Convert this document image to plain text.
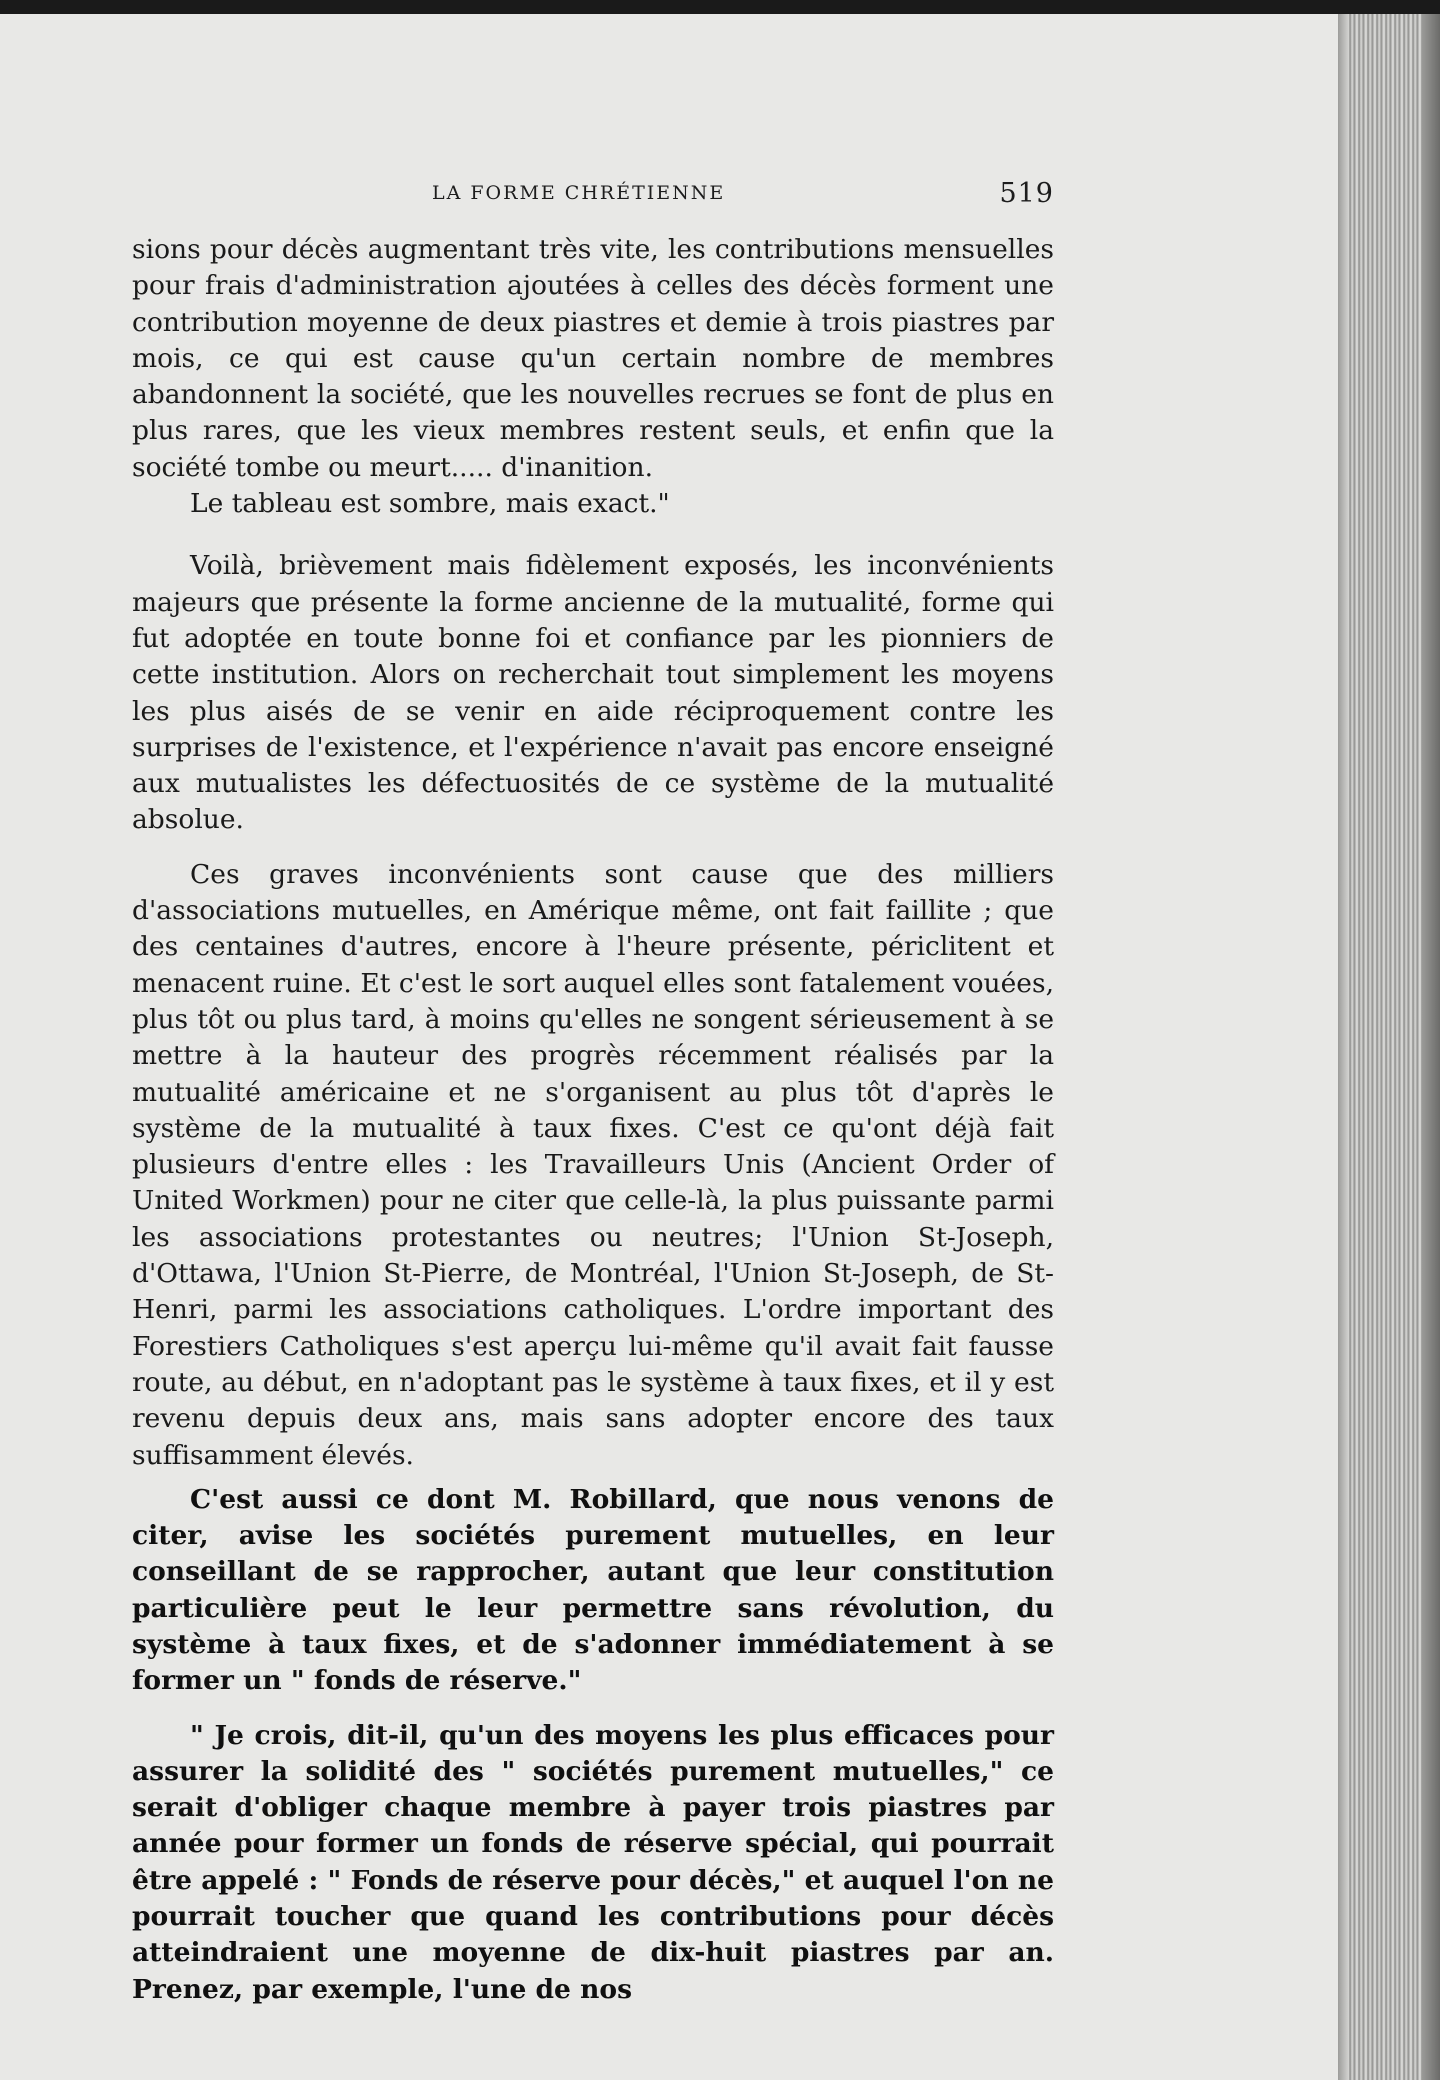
LA FORME CHRÉTIENNE	519

sions pour décès augmentant très vite, les contributions mensuelles pour frais d'administration ajoutées à celles des décès forment une contribution moyenne de deux piastres et demie à trois piastres par mois, ce qui est cause qu'un certain nombre de membres abandonnent la société, que les nouvelles recrues se font de plus en plus rares, que les vieux membres restent seuls, et enfin que la société tombe ou meurt..... d'inanition.

Le tableau est sombre, mais exact."

Voilà, brièvement mais fidèlement exposés, les inconvénients majeurs que présente la forme ancienne de la mutualité, forme qui fut adoptée en toute bonne foi et confiance par les pionniers de cette institution. Alors on recherchait tout simplement les moyens les plus aisés de se venir en aide réciproquement contre les surprises de l'existence, et l'expérience n'avait pas encore enseigné aux mutualistes les défectuosités de ce système de la mutualité absolue.

Ces graves inconvénients sont cause que des milliers d'associations mutuelles, en Amérique même, ont fait faillite ; que des centaines d'autres, encore à l'heure présente, périclitent et menacent ruine. Et c'est le sort auquel elles sont fatalement vouées, plus tôt ou plus tard, à moins qu'elles ne songent sérieusement à se mettre à la hauteur des progrès récemment réalisés par la mutualité américaine et ne s'organisent au plus tôt d'après le système de la mutualité à taux fixes. C'est ce qu'ont déjà fait plusieurs d'entre elles : les Travailleurs Unis (Ancient Order of United Workmen) pour ne citer que celle-là, la plus puissante parmi les associations protestantes ou neutres; l'Union St-Joseph, d'Ottawa, l'Union St-Pierre, de Montréal, l'Union St-Joseph, de St-Henri, parmi les associations catholiques. L'ordre important des Forestiers Catholiques s'est aperçu lui-même qu'il avait fait fausse route, au début, en n'adoptant pas le système à taux fixes, et il y est revenu depuis deux ans, mais sans adopter encore des taux suffisamment élevés.

C'est aussi ce dont M. Robillard, que nous venons de citer, avise les sociétés purement mutuelles, en leur conseillant de se rapprocher, autant que leur constitution particulière peut le leur permettre sans révolution, du système à taux fixes, et de s'adonner immédiatement à se former un " fonds de réserve."

" Je crois, dit-il, qu'un des moyens les plus efficaces pour assurer la solidité des " sociétés purement mutuelles," ce serait d'obliger chaque membre à payer trois piastres par année pour former un fonds de réserve spécial, qui pourrait être appelé : " Fonds de réserve pour décès," et auquel l'on ne pourrait toucher que quand les contributions pour décès atteindraient une moyenne de dix-huit piastres par an. Prenez, par exemple, l'une de nos
